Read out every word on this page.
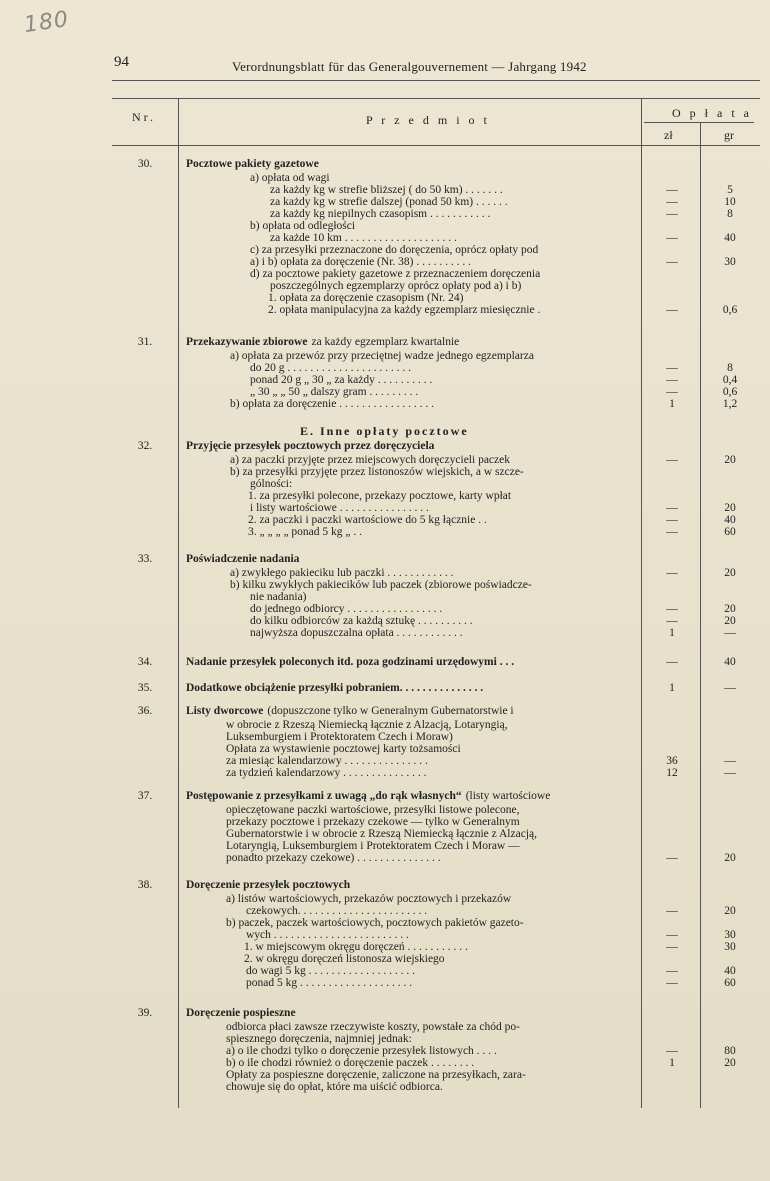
180
94	Verordnungsblatt für das Generalgouvernement — Jahrgang 1942
Nr.	P r z e d m i o t	O p ł a t a
zł	gr
E. Inne opłaty pocztowe
30.	Pocztowe pakiety gazetowe
a) opłata od wagi
za każdy kg w strefie bliższej ( do 50 km) . . . . . . .	—	5
za każdy kg w strefie dalszej (ponad 50 km) . . . . . .	—	10
za każdy kg niepilnych czasopism . . . . . . . . . . .	—	8
b) opłata od odległości
za każde 10 km . . . . . . . . . . . . . . . . . . . .	—	40
c) za przesyłki przeznaczone do doręczenia, oprócz opłaty pod
a) i b) opłata za doręczenie (Nr. 38) . . . . . . . . . .	—	30
d) za pocztowe pakiety gazetowe z przeznaczeniem doręczenia
poszczególnych egzemplarzy oprócz opłaty pod a) i b)
1. opłata za doręczenie czasopism (Nr. 24)
2. opłata manipulacyjna za każdy egzemplarz miesięcznie .	—	0,6
31.	Przekazywanie zbiorowe za każdy egzemplarz kwartalnie
a) opłata za przewóz przy przeciętnej wadze jednego egzemplarza
do 20 g . . . . . . . . . . . . . . . . . . . . . .	—	8
ponad 20 g „ 30 „ za każdy . . . . . . . . . .	—	0,4
„ 30 „ „ 50 „ dalszy gram . . . . . . . . .	—	0,6
b) opłata za doręczenie . . . . . . . . . . . . . . . . .	1	1,2
32.	Przyjęcie przesyłek pocztowych przez doręczyciela
a) za paczki przyjęte przez miejscowych doręczycieli paczek	—	20
b) za przesyłki przyjęte przez listonoszów wiejskich, a w szcze-
gólności:
1. za przesyłki polecone, przekazy pocztowe, karty wpłat
i listy wartościowe . . . . . . . . . . . . . . . .	—	20
2. za paczki i paczki wartościowe do 5 kg łącznie . .	—	40
3. „ „ „ „ ponad 5 kg „ . .	—	60
33.	Poświadczenie nadania
a) zwykłego pakieciku lub paczki . . . . . . . . . . . .	—	20
b) kilku zwykłych pakiecików lub paczek (zbiorowe poświadcze-
nie nadania)
do jednego odbiorcy . . . . . . . . . . . . . . . . .	—	20
do kilku odbiorców za każdą sztukę . . . . . . . . . .	—	20
najwyższa dopuszczalna opłata . . . . . . . . . . . .	1	—
34.	Nadanie przesyłek poleconych itd. poza godzinami urzędowymi . . .	—	40
35.	Dodatkowe obciążenie przesyłki pobraniem. . . . . . . . . . . . . . .	1	—
36.	Listy dworcowe (dopuszczone tylko w Generalnym Gubernatorstwie i
w obrocie z Rzeszą Niemiecką łącznie z Alzacją, Lotaryngią,
Luksemburgiem i Protektoratem Czech i Moraw)
Opłata za wystawienie pocztowej karty tożsamości
za miesiąc kalendarzowy . . . . . . . . . . . . . . .	36	—
za tydzień kalendarzowy . . . . . . . . . . . . . . .	12	—
37.	Postępowanie z przesyłkami z uwagą „do rąk własnych“ (listy wartościowe
opieczętowane paczki wartościowe, przesyłki listowe polecone,
przekazy pocztowe i przekazy czekowe — tylko w Generalnym
Gubernatorstwie i w obrocie z Rzeszą Niemiecką łącznie z Alzacją,
Lotaryngią, Luksemburgiem i Protektoratem Czech i Moraw —
ponadto przekazy czekowe) . . . . . . . . . . . . . . .	—	20
38.	Doręczenie przesyłek pocztowych
a) listów wartościowych, przekazów pocztowych i przekazów
czekowych. . . . . . . . . . . . . . . . . . . . . . .	—	20
b) paczek, paczek wartościowych, pocztowych pakietów gazeto-
wych . . . . . . . . . . . . . . . . . . . . . . . .	—	30
1. w miejscowym okręgu doręczeń . . . . . . . . . . .	—	30
2. w okręgu doręczeń listonosza wiejskiego
do wagi 5 kg . . . . . . . . . . . . . . . . . . .	—	40
ponad 5 kg . . . . . . . . . . . . . . . . . . . .	—	60
39.	Doręczenie pospieszne
odbiorca płaci zawsze rzeczywiste koszty, powstałe za chód po-
spiesznego doręczenia, najmniej jednak:
a) o ile chodzi tylko o doręczenie przesyłek listowych . . . .	—	80
b) o ile chodzi również o doręczenie paczek . . . . . . . .	1	20
Opłaty za pospieszne doręczenie, zaliczone na przesyłkach, zara-
chowuje się do opłat, które ma uiścić odbiorca.
